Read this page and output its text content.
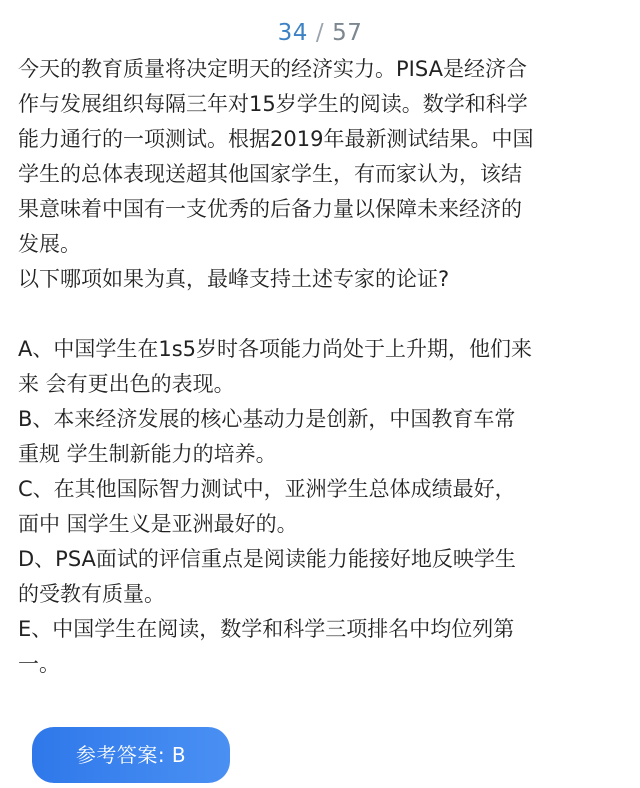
34 / 57

今天的教育质量将决定明天的经济实力。PISA是经济合

作与发展组织每隔三年对15岁学生的阅读。数学和科学

能力通行的一项测试。根据2019年最新测试结果。中国

学生的总体表现送超其他国家学生，有而家认为，该结

果意味着中国有一支优秀的后备力量以保障未来经济的

发展。

以下哪项如果为真，最峰支持土述专家的论证?

A、中国学生在1s5岁时各项能力尚处于上升期，他们来

来 会有更出色的表现。

B、本来经济发展的核心基动力是创新，中国教育车常

重规 学生制新能力的培养。

C、在其他国际智力测试中，亚洲学生总体成绩最好，

面中 国学生义是亚洲最好的。

D、PSA面试的评信重点是阅读能力能接好地反映学生

的受教有质量。

E、中国学生在阅读，数学和科学三项排名中均位列第

一。

参考答案: B
